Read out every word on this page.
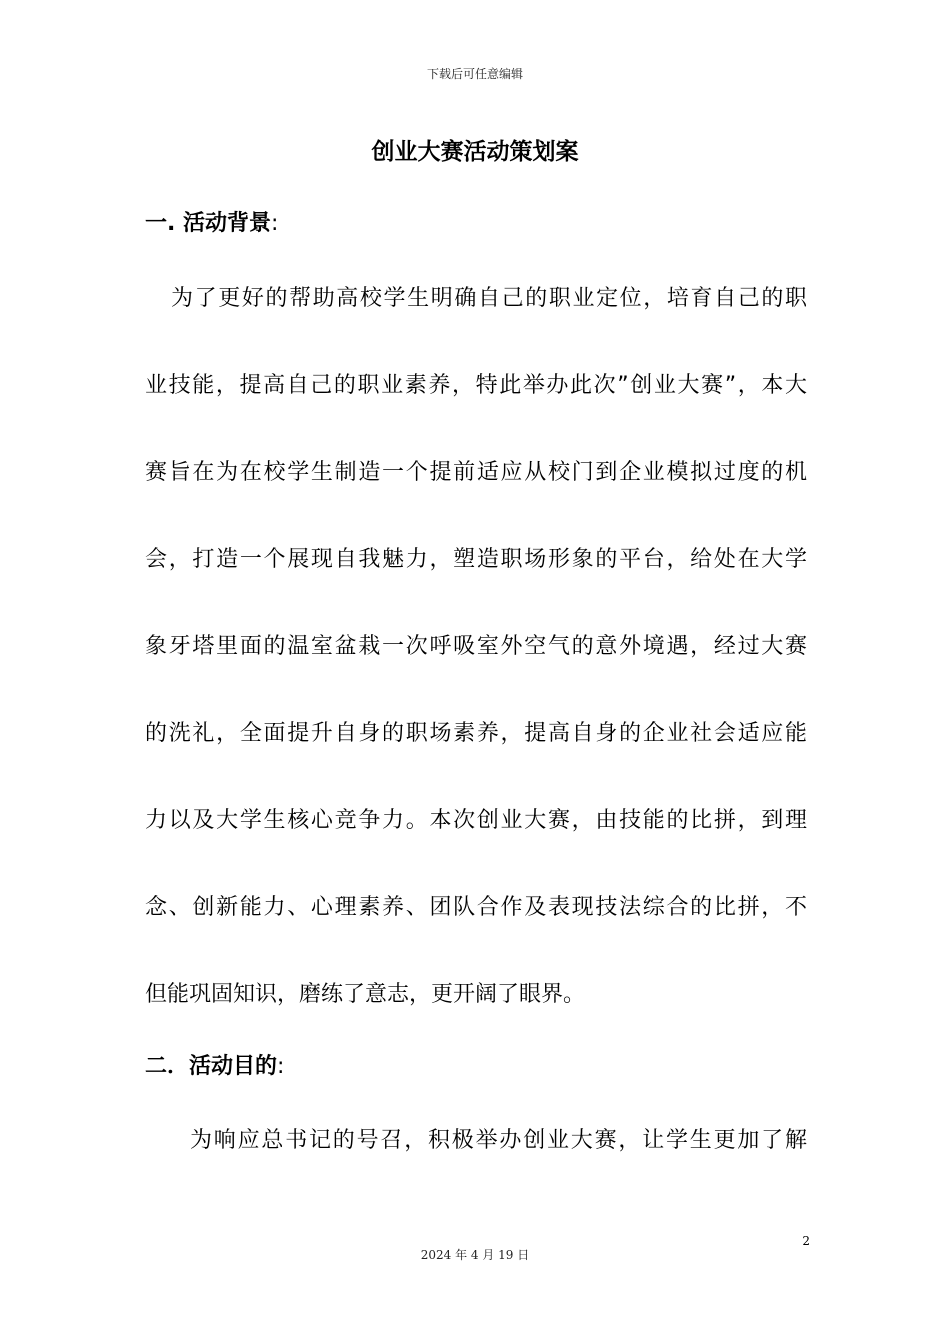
下载后可任意编辑
创业大赛活动策划案
一. 活动背景:
为了更好的帮助高校学生明确自己的职业定位，培育自己的职
业技能，提高自己的职业素养，特此举办此次”创业大赛”，本大
赛旨在为在校学生制造一个提前适应从校门到企业模拟过度的机
会，打造一个展现自我魅力，塑造职场形象的平台，给处在大学
象牙塔里面的温室盆栽一次呼吸室外空气的意外境遇，经过大赛
的洗礼，全面提升自身的职场素养，提高自身的企业社会适应能
力以及大学生核心竞争力。本次创业大赛，由技能的比拼，到理
念、创新能力、心理素养、团队合作及表现技法综合的比拼，不
但能巩固知识，磨练了意志，更开阔了眼界。
二．活动目的:
为响应总书记的号召，积极举办创业大赛，让学生更加了解
2
2024 年 4 月 19 日
